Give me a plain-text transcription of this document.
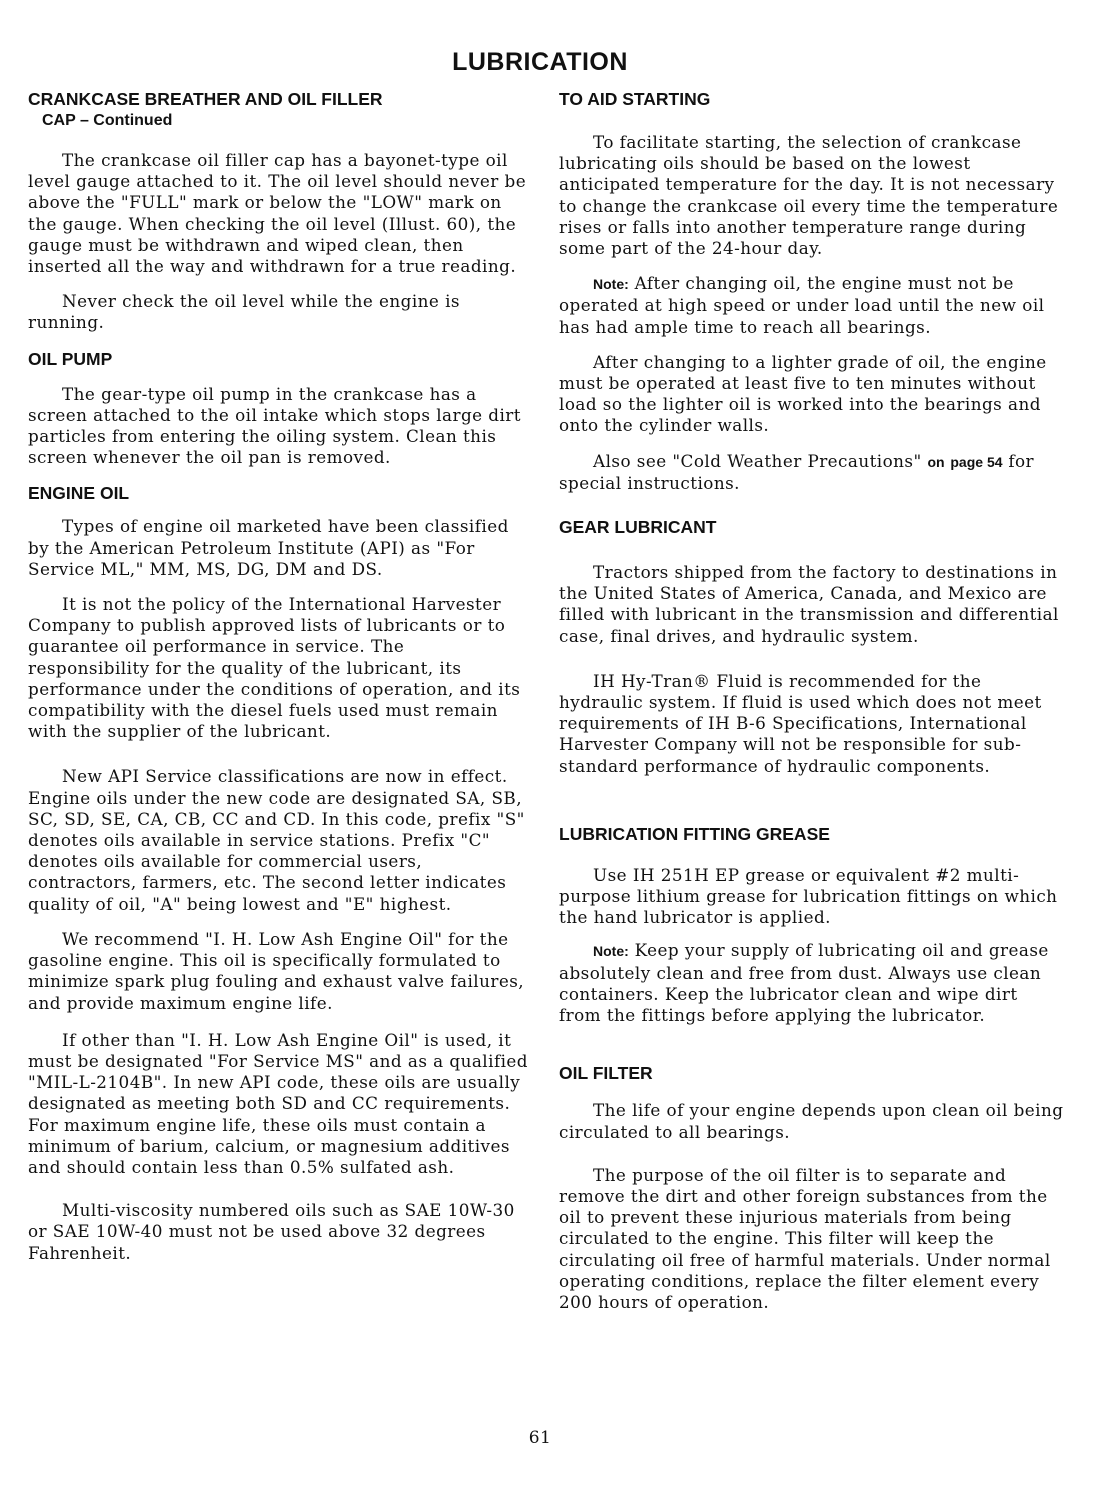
LUBRICATION
CRANKCASE BREATHER AND OIL FILLER
CAP – Continued

The crankcase oil filler cap has a bayonet-type oil level gauge attached to it. The oil level should never be above the "FULL" mark or below the "LOW" mark on the gauge. When checking the oil level (Illust. 60), the gauge must be withdrawn and wiped clean, then inserted all the way and withdrawn for a true reading.

Never check the oil level while the engine is running.

OIL PUMP

The gear-type oil pump in the crankcase has a screen attached to the oil intake which stops large dirt particles from entering the oiling system. Clean this screen whenever the oil pan is removed.

ENGINE OIL

Types of engine oil marketed have been classified by the American Petroleum Institute (API) as "For Service ML," MM, MS, DG, DM and DS.

It is not the policy of the International Harvester Company to publish approved lists of lubricants or to guarantee oil performance in service. The responsibility for the quality of the lubricant, its performance under the conditions of operation, and its compatibility with the diesel fuels used must remain with the supplier of the lubricant.

New API Service classifications are now in effect. Engine oils under the new code are designated SA, SB, SC, SD, SE, CA, CB, CC and CD. In this code, prefix "S" denotes oils available in service stations. Prefix "C" denotes oils available for commercial users, contractors, farmers, etc. The second letter indicates quality of oil, "A" being lowest and "E" highest.

We recommend "I. H. Low Ash Engine Oil" for the gasoline engine. This oil is specifically formulated to minimize spark plug fouling and exhaust valve failures, and provide maximum engine life.

If other than "I. H. Low Ash Engine Oil" is used, it must be designated "For Service MS" and as a qualified "MIL-L-2104B". In new API code, these oils are usually designated as meeting both SD and CC requirements. For maximum engine life, these oils must contain a minimum of barium, calcium, or magnesium additives and should contain less than 0.5% sulfated ash.

Multi-viscosity numbered oils such as SAE 10W-30 or SAE 10W-40 must not be used above 32 degrees Fahrenheit.

TO AID STARTING

To facilitate starting, the selection of crankcase lubricating oils should be based on the lowest anticipated temperature for the day. It is not necessary to change the crankcase oil every time the temperature rises or falls into another temperature range during some part of the 24-hour day.

Note: After changing oil, the engine must not be operated at high speed or under load until the new oil has had ample time to reach all bearings.

After changing to a lighter grade of oil, the engine must be operated at least five to ten minutes without load so the lighter oil is worked into the bearings and onto the cylinder walls.

Also see "Cold Weather Precautions" on page 54 for special instructions.

GEAR LUBRICANT

Tractors shipped from the factory to destinations in the United States of America, Canada, and Mexico are filled with lubricant in the transmission and differential case, final drives, and hydraulic system.

IH Hy-Tran® Fluid is recommended for the hydraulic system. If fluid is used which does not meet requirements of IH B-6 Specifications, International Harvester Company will not be responsible for sub-standard performance of hydraulic components.

LUBRICATION FITTING GREASE

Use IH 251H EP grease or equivalent #2 multi-purpose lithium grease for lubrication fittings on which the hand lubricator is applied.

Note: Keep your supply of lubricating oil and grease absolutely clean and free from dust. Always use clean containers. Keep the lubricator clean and wipe dirt from the fittings before applying the lubricator.

OIL FILTER

The life of your engine depends upon clean oil being circulated to all bearings.

The purpose of the oil filter is to separate and remove the dirt and other foreign substances from the oil to prevent these injurious materials from being circulated to the engine. This filter will keep the circulating oil free of harmful materials. Under normal operating conditions, replace the filter element every 200 hours of operation.

61
